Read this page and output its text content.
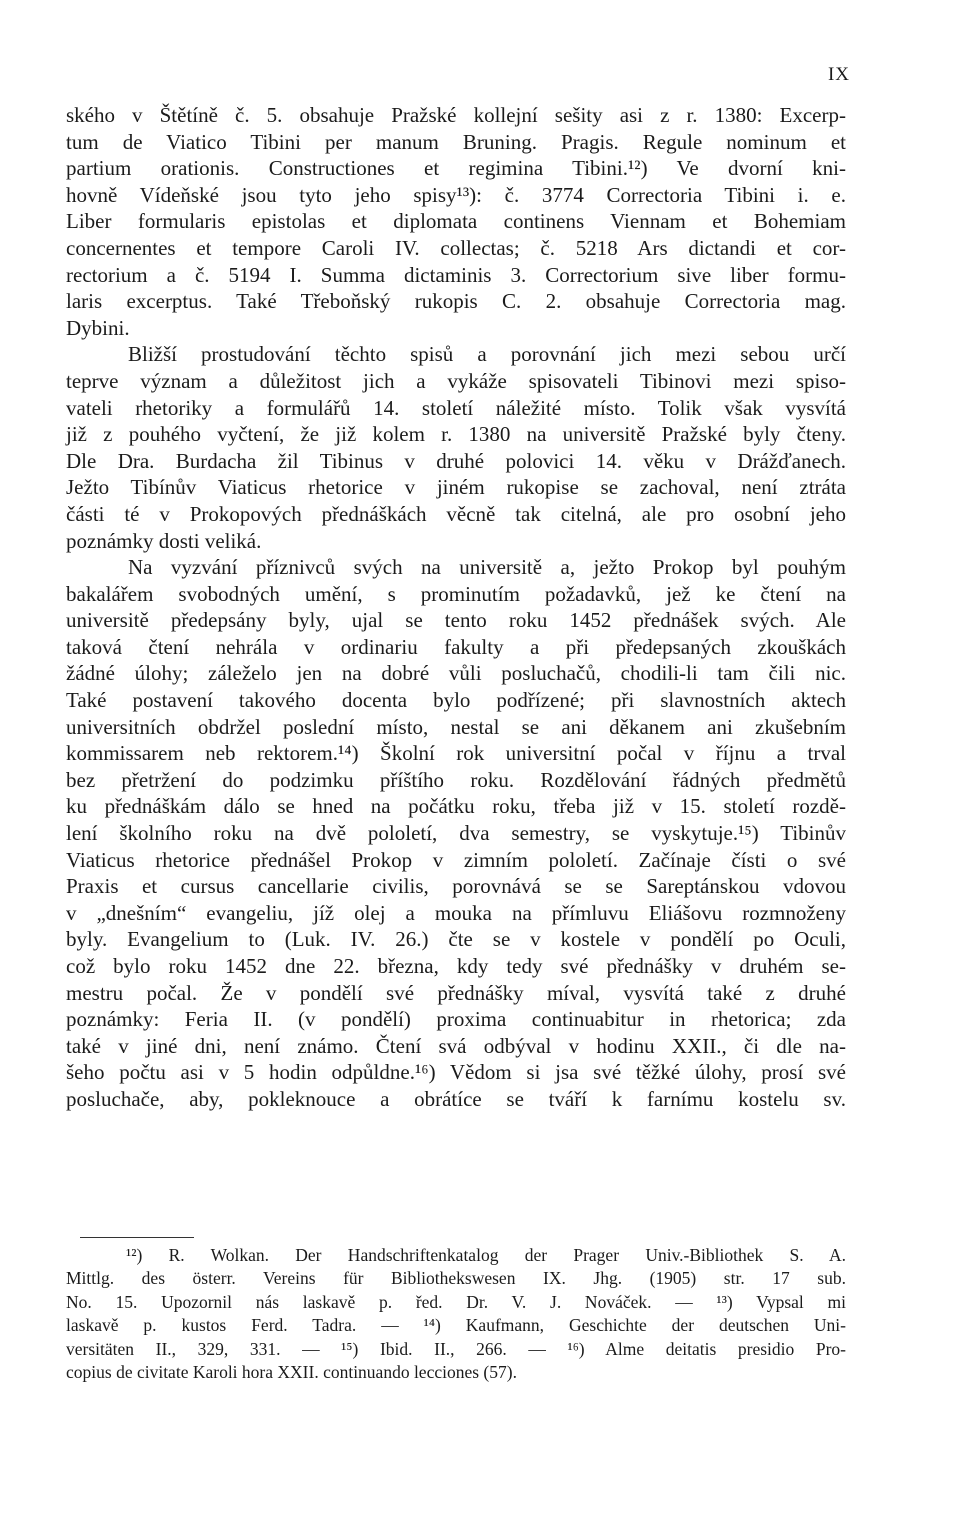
IX
ského v Štětíně č. 5. obsahuje Pražské kollejní sešity asi z r. 1380: Excerp-
tum de Viatico Tibini per manum Bruning. Pragis. Regule nominum et
partium orationis. Constructiones et regimina Tibini.¹²) Ve dvorní kni-
hovně Vídeňské jsou tyto jeho spisy¹³): č. 3774 Correctoria Tibini i. e.
Liber formularis epistolas et diplomata continens Viennam et Bohemiam
concernentes et tempore Caroli IV. collectas; č. 5218 Ars dictandi et cor-
rectorium a č. 5194 I. Summa dictaminis 3. Correctorium sive liber formu-
laris excerptus. Také Třeboňský rukopis C. 2. obsahuje Correctoria mag.
Dybini.
Bližší prostudování těchto spisů a porovnání jich mezi sebou určí
teprve význam a důležitost jich a vykáže spisovateli Tibinovi mezi spiso-
vateli rhetoriky a formulářů 14. století náležité místo. Tolik však vysvítá
již z pouhého vyčtení, že již kolem r. 1380 na universitě Pražské byly čteny.
Dle Dra. Burdacha žil Tibinus v druhé polovici 14. věku v Drážďanech.
Ježto Tibínův Viaticus rhetorice v jiném rukopise se zachoval, není ztráta
části té v Prokopových přednáškách věcně tak citelná, ale pro osobní jeho
poznámky dosti veliká.
Na vyzvání příznivců svých na universitě a, ježto Prokop byl pouhým
bakalářem svobodných umění, s prominutím požadavků, jež ke čtení na
universitě předepsány byly, ujal se tento roku 1452 přednášek svých. Ale
taková čtení nehrála v ordinariu fakulty a při předepsaných zkouškách
žádné úlohy; záleželo jen na dobré vůli posluchačů, chodili-li tam čili nic.
Také postavení takového docenta bylo podřízené; při slavnostních aktech
universitních obdržel poslední místo, nestal se ani děkanem ani zkušebním
kommissarem neb rektorem.¹⁴) Školní rok universitní počal v říjnu a trval
bez přetržení do podzimku příštího roku. Rozdělování řádných předmětů
ku přednáškám dálo se hned na počátku roku, třeba již v 15. století rozdě-
lení školního roku na dvě pololetí, dva semestry, se vyskytuje.¹⁵) Tibinův
Viaticus rhetorice přednášel Prokop v zimním pololetí. Začínaje čísti o své
Praxis et cursus cancellarie civilis, porovnává se se Sareptánskou vdovou
v „dnešním“ evangeliu, jíž olej a mouka na přímluvu Eliášovu rozmnoženy
byly. Evangelium to (Luk. IV. 26.) čte se v kostele v pondělí po Oculi,
což bylo roku 1452 dne 22. března, kdy tedy své přednášky v druhém se-
mestru počal. Že v pondělí své přednášky míval, vysvítá také z druhé
poznámky: Feria II. (v pondělí) proxima continuabitur in rhetorica; zda
také v jiné dni, není známo. Čtení svá odbýval v hodinu XXII., či dle na-
šeho počtu asi v 5 hodin odpůldne.¹⁶) Vědom si jsa své těžké úlohy, prosí své
posluchače, aby, pokleknouce a obrátíce se tváří k farnímu kostelu sv.
¹²) R. Wolkan. Der Handschriftenkatalog der Prager Univ.-Bibliothek S. A.
Mittlg. des österr. Vereins für Bibliothekswesen IX. Jhg. (1905) str. 17 sub.
No. 15. Upozornil nás laskavě p. řed. Dr. V. J. Nováček. — ¹³) Vypsal mi
laskavě p. kustos Ferd. Tadra. — ¹⁴) Kaufmann, Geschichte der deutschen Uni-
versitäten II., 329, 331. — ¹⁵) Ibid. II., 266. — ¹⁶) Alme deitatis presidio Pro-
copius de civitate Karoli hora XXII. continuando lecciones (57).
